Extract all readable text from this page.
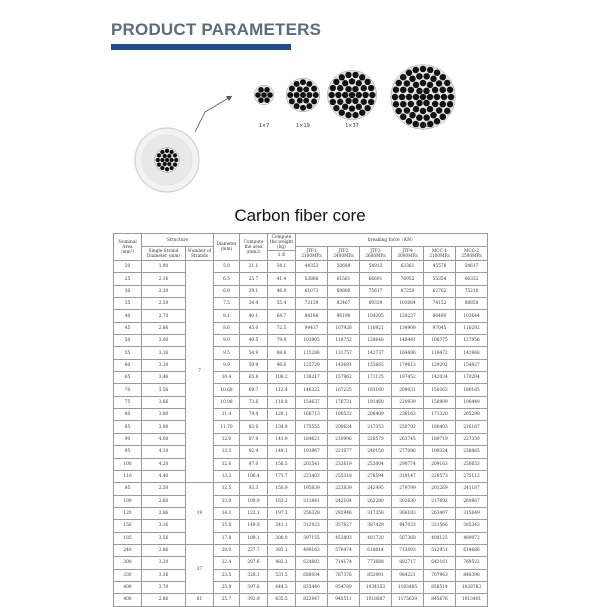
PRODUCT PARAMETERS
1×7	1×19	1×37	1×61
Carbon fiber core
Nominal Area （mm²）	Structure		Diameter (mm)	Compute the area (mm2)	Compute the weight (kg)	breaking force（KN）					
	Single Strand Diameter (mm)	Number of Strands				JTF1 2100MPa	JTF2 2400MPa	JTF3 2600MPa	JTF4 3000MPa	MCC-1 2100MPa	MCC-2 2500MPa
					1.6						
20	1.90	7	5.9	21.1	34.1	44353	50689	54913	63361	45578	54617
25	2.16		6.5	25.7	41.4	53866	61561	66691	76952	55354	66332
30	2.30		6.9	29.1	46.9	61073	69800	75617	87250	62762	75210
35	2.50		7.5	34.4	55.4	72159	82467	89339	103084	74152	88858
40	2.70		8.1	40.1	64.7	84166	96190	104205	120237	86490	103644
45	2.86		8.6	45.0	72.5	94437	107928	116921	134909	97045	116292
50	3.00		9.0	49.5	79.8	103905	118752	128648	148441	106775	127956
55	3.16		9.5	54.9	88.6	115288	131757	142737	164696	118472	141968
60	3.30		9.9	59.9	96.6	125729	143691	155665	179613	129202	154827
65	3.46		10.4	65.8	106.2	138217	157962	171125	197452	142034	170204
70	3.56		10.68	69.7	112.4	146322	167225	181160	209031	150363	180185
75	3.66		10.98	73.6	118.8	154637	176731	191460	220939	158909	190449
80	3.80		11.4	79.4	128.1	166713	190532	206409	238163	171320	205298
85	3.90		11.70	83.6	134.9	175555	200634	217353	250792	180403	216187
90	4.00		12.0	87.9	141.9	184621	210996	228579	263745	189719	227359
95	4.10		12.3	92.4	149.1	193967	221677	240150	277096	199324	238865
100	4.20		12.6	97.0	156.5	203541	232619	252004	290774	209163	250653
110	4.40		13.2	106.4	171.7	223403	255318	276594	319147	229573	275112
95	2.50	19	12.5	93.3	150.9	195839	223839	242495	279799	201269	241187
100	2.60		13.0	100.9	163.2	211841	242104	262280	302630	217692	260867
120	2.86		14.3	122.1	197.3	256328	292946	317358	366183	263407	315649
150	3.16		15.8	149.0	241.1	312923	357627	387429	447033	321566	385343
185	3.56		17.8	189.1	306.0	397155	453893	491720	567369	408125	489072
240	2.86	37	20.0	237.7	385.1	499163	570474	618014	713093	512951	614686
300	3.20		22.4	297.6	482.1	624892	714174	773688	892717	642161	769522
330	3.36		23.5	328.1	531.5	688934	787376	852991	984221	707963	848398
400	3.70		25.9	397.8	644.5	835440	954789	1034353	1193485	858514	1028783
400	2.86	61	25.7	392.9	635.5	822947	940511	1018887	1175639	845676	1013401
